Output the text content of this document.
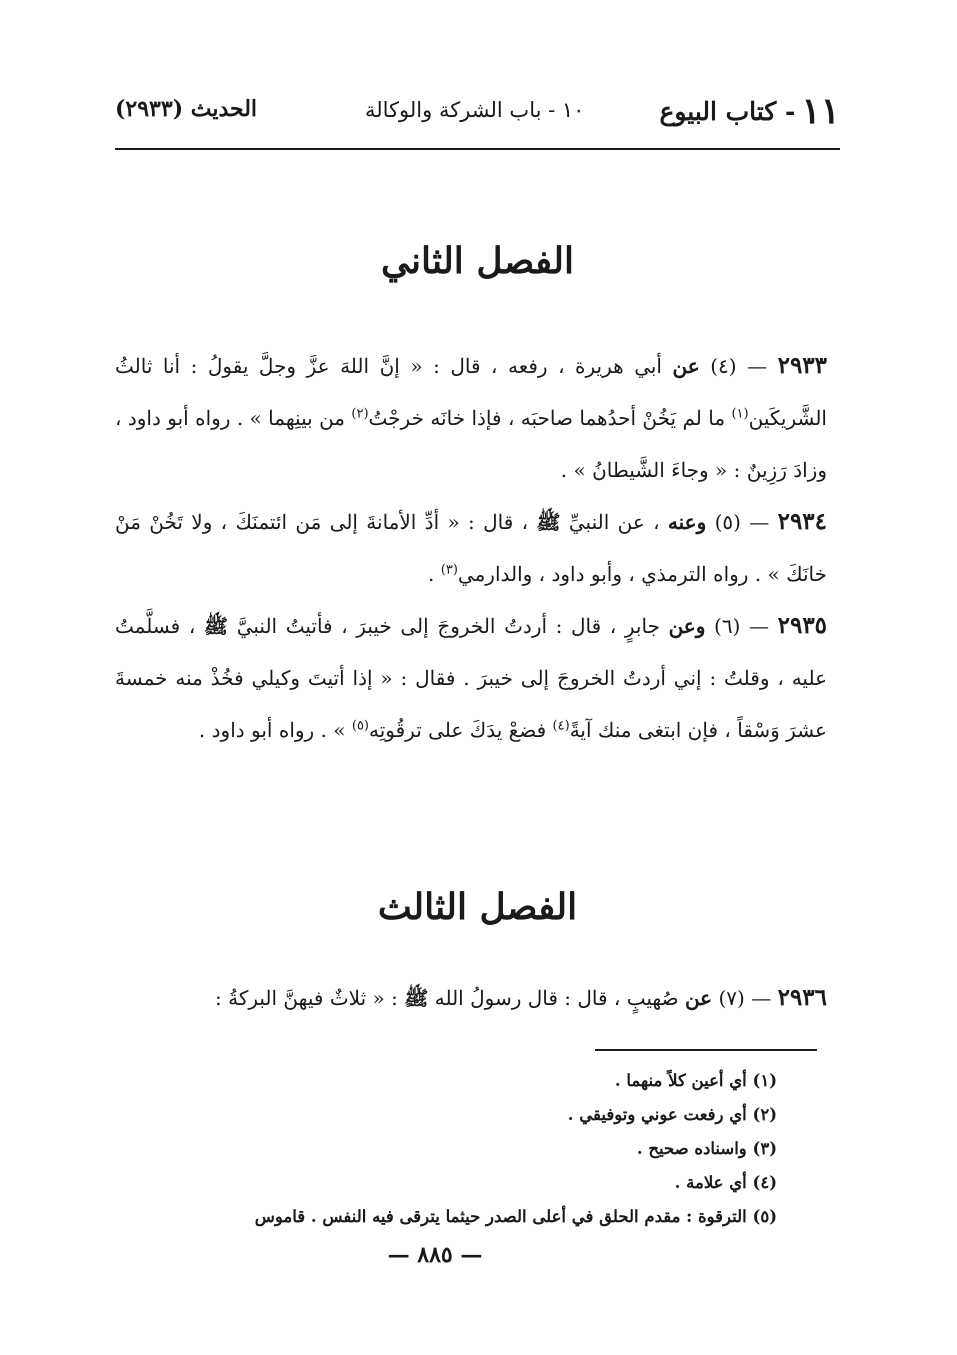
١١- كتاب البيوع
١٠ - باب الشركة والوكالة
الحديث (٢٩٣٣)
الفصل الثاني

٢٩٣٣ — (٤) عن أبي هريرة ، رفعه ، قال : « إنَّ اللهَ عزَّ وجلَّ يقولُ : أنا ثالثُ الشَّريكَين$^{(١)}$ ما لم يَخُنْ أحدُهما صاحبَه ، فإذا خانَه خرجْتُ$^{(٢)}$ من بينِهما » . رواه أبو داود ، وزادَ رَزِينٌ : « وجاءَ الشَّيطانُ » .

٢٩٣٤ — (٥) وعنه ، عن النبيِّ ﷺ ، قال : « أدِّ الأمانةَ إلى مَن ائتمنَكَ ، ولا تَخُنْ مَنْ خانَكَ » . رواه الترمذي ، وأبو داود ، والدارمي$^{(٣)}$ .

٢٩٣٥ — (٦) وعن جابرٍ ، قال : أردتُ الخروجَ إلى خيبرَ ، فأتيتُ النبيَّ ﷺ ، فسلَّمتُ عليه ، وقلتُ : إني أردتُ الخروجَ إلى خيبرَ . فقال : « إذا أتيتَ وكيلي فخُذْ منه خمسةَ عشرَ وَسْقاً ، فإن ابتغى منك آيةً$^{(٤)}$ فضعْ يدَكَ على ترقُوتِه$^{(٥)}$ » . رواه أبو داود .

الفصل الثالث

٢٩٣٦ — (٧) عن صُهيبٍ ، قال : قال رسولُ الله ﷺ : « ثلاثٌ فيهنَّ البركةُ :

(١) أي أعين كلاً منهما .
(٢) أي رفعت عوني وتوفيقي .
(٣) واسناده صحيح .
(٤) أي علامة .
(٥) الترقوة : مقدم الحلق في أعلى الصدر حيثما يترقى فيه النفس . قاموس
— ٨٨٥ —
